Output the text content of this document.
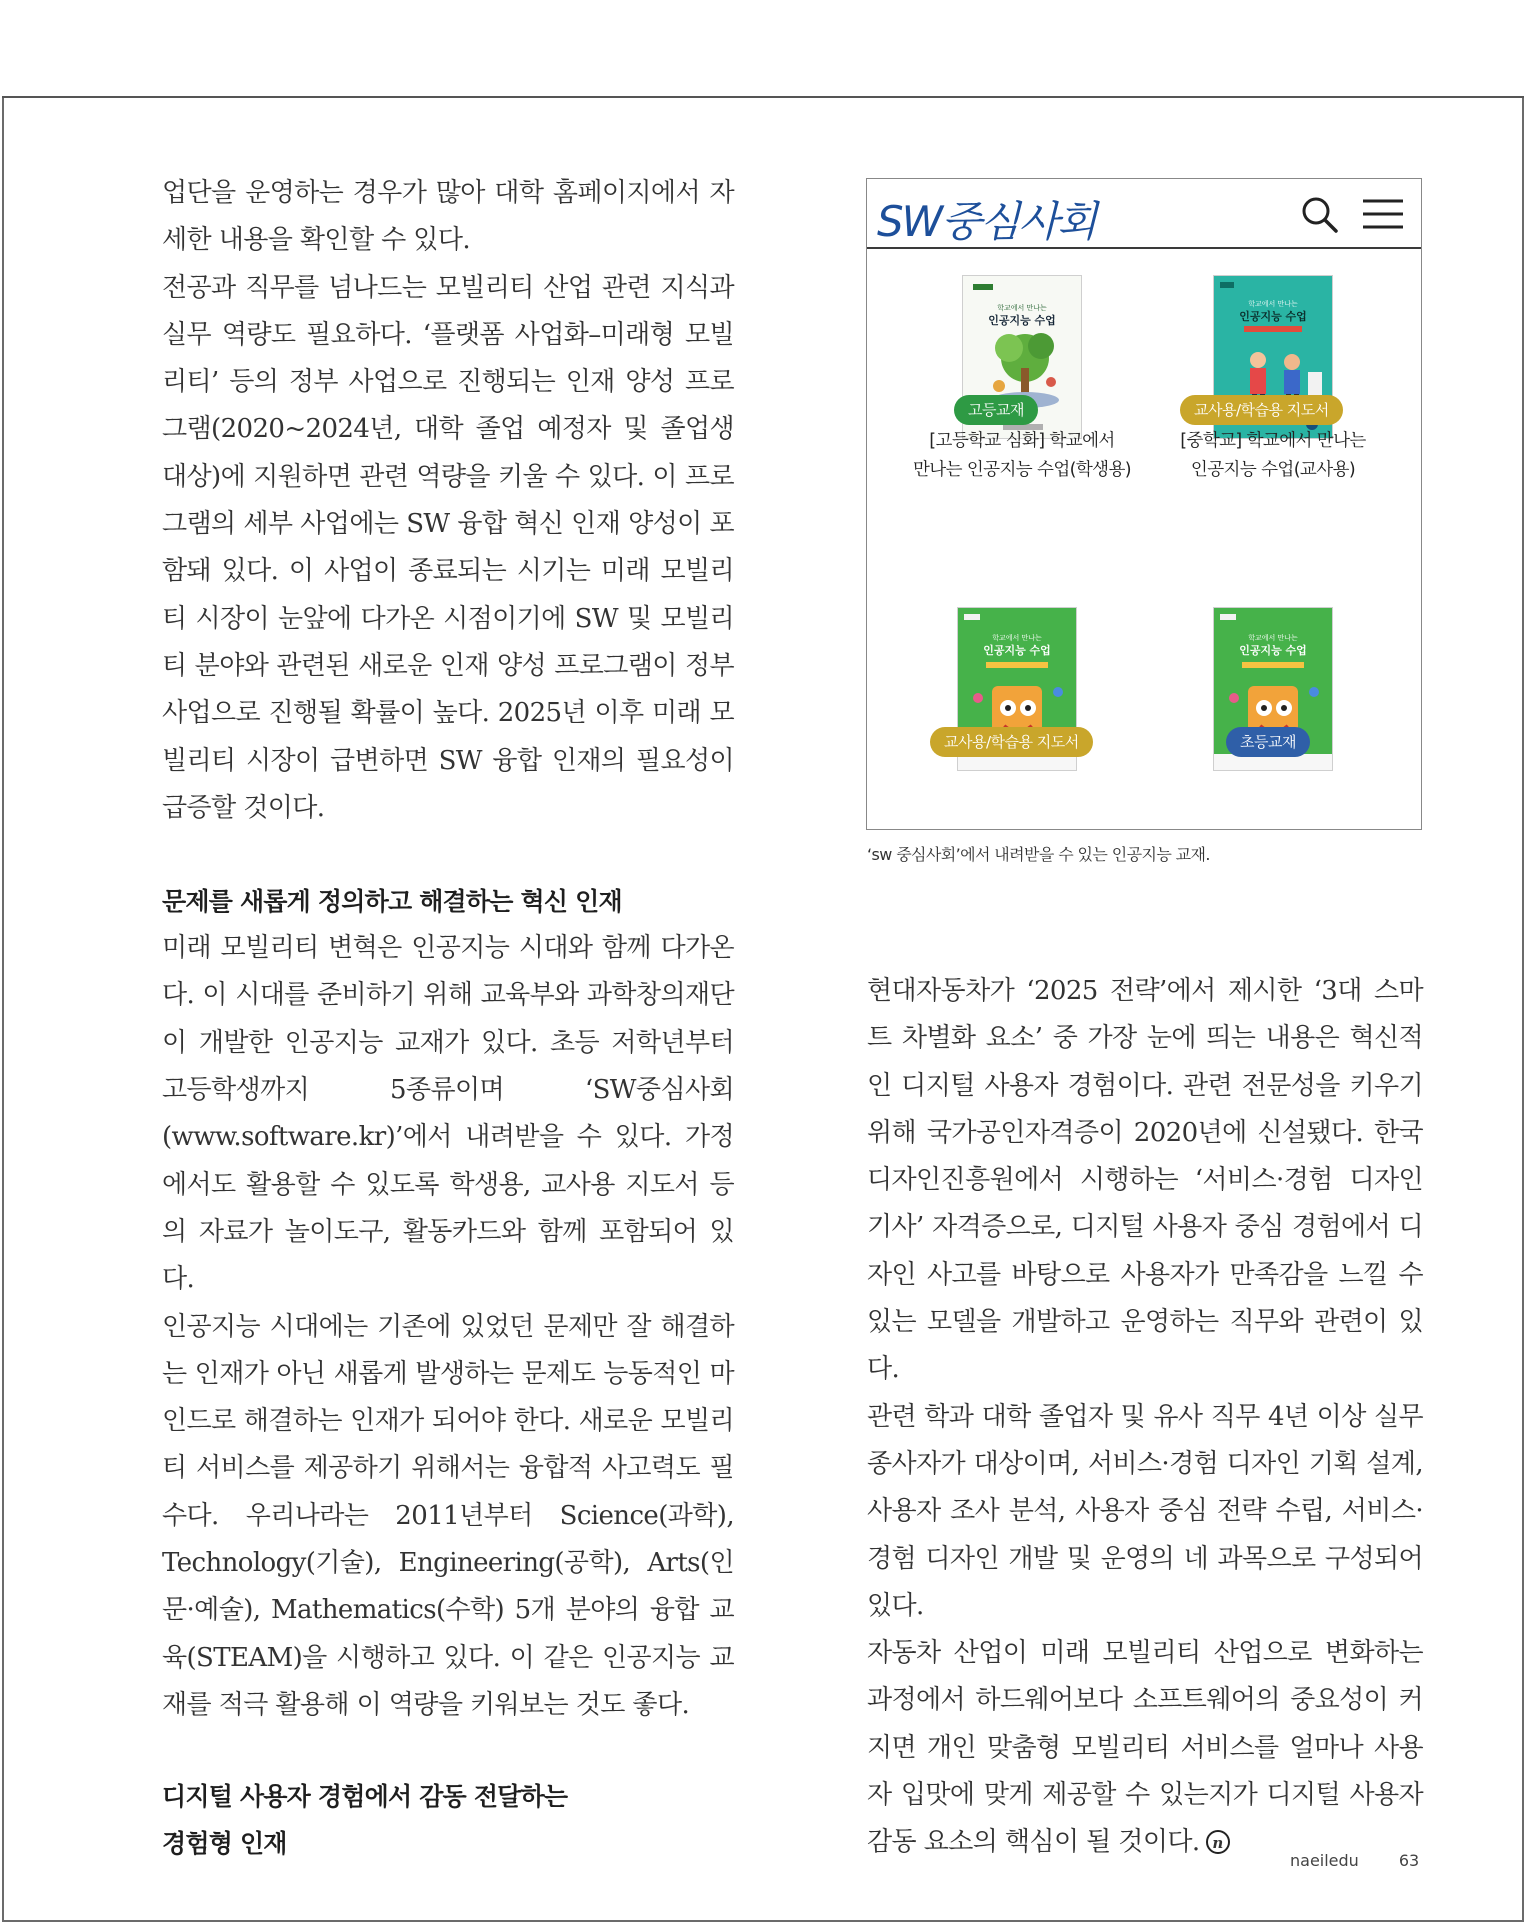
업단을 운영하는 경우가 많아 대학 홈페이지에서 자세한 내용을 확인할 수 있다.

전공과 직무를 넘나드는 모빌리티 산업 관련 지식과 실무 역량도 필요하다. ‘플랫폼 사업화–미래형 모빌리티’ 등의 정부 사업으로 진행되는 인재 양성 프로그램(2020~2024년, 대학 졸업 예정자 및 졸업생 대상)에 지원하면 관련 역량을 키울 수 있다. 이 프로그램의 세부 사업에는 SW 융합 혁신 인재 양성이 포함돼 있다. 이 사업이 종료되는 시기는 미래 모빌리티 시장이 눈앞에 다가온 시점이기에 SW 및 모빌리티 분야와 관련된 새로운 인재 양성 프로그램이 정부 사업으로 진행될 확률이 높다. 2025년 이후 미래 모빌리티 시장이 급변하면 SW 융합 인재의 필요성이 급증할 것이다.

문제를 새롭게 정의하고 해결하는 혁신 인재

미래 모빌리티 변혁은 인공지능 시대와 함께 다가온다. 이 시대를 준비하기 위해 교육부와 과학창의재단이 개발한 인공지능 교재가 있다. 초등 저학년부터 고등학생까지 5종류이며 ‘SW중심사회(www.software.kr)’에서 내려받을 수 있다. 가정에서도 활용할 수 있도록 학생용, 교사용 지도서 등의 자료가 놀이도구, 활동카드와 함께 포함되어 있다.

인공지능 시대에는 기존에 있었던 문제만 잘 해결하는 인재가 아닌 새롭게 발생하는 문제도 능동적인 마인드로 해결하는 인재가 되어야 한다. 새로운 모빌리티 서비스를 제공하기 위해서는 융합적 사고력도 필수다. 우리나라는 2011년부터 Science(과학), Technology(기술), Engineering(공학), Arts(인문·예술), Mathematics(수학) 5개 분야의 융합 교육(STEAM)을 시행하고 있다. 이 같은 인공지능 교재를 적극 활용해 이 역량을 키워보는 것도 좋다.

디지털 사용자 경험에서 감동 전달하는
경험형 인재
SW중심사회
학교에서 만나는
인공지능 수업
고등교재
[고등학교 심화] 학교에서
만나는 인공지능 수업(학생용)
학교에서 만나는
인공지능 수업
교사용/학습용 지도서
[중학교] 학교에서 만나는
인공지능 수업(교사용)
학교에서 만나는
인공지능 수업
교사용/학습용 지도서
학교에서 만나는
인공지능 수업
초등교재
‘sw 중심사회’에서 내려받을 수 있는 인공지능 교재.

현대자동차가 ‘2025 전략’에서 제시한 ‘3대 스마트 차별화 요소’ 중 가장 눈에 띄는 내용은 혁신적인 디지털 사용자 경험이다. 관련 전문성을 키우기 위해 국가공인자격증이 2020년에 신설됐다. 한국디자인진흥원에서 시행하는 ‘서비스·경험 디자인 기사’ 자격증으로, 디지털 사용자 중심 경험에서 디자인 사고를 바탕으로 사용자가 만족감을 느낄 수 있는 모델을 개발하고 운영하는 직무와 관련이 있다.

관련 학과 대학 졸업자 및 유사 직무 4년 이상 실무 종사자가 대상이며, 서비스·경험 디자인 기획 설계, 사용자 조사 분석, 사용자 중심 전략 수립, 서비스·경험 디자인 개발 및 운영의 네 과목으로 구성되어 있다.

자동차 산업이 미래 모빌리티 산업으로 변화하는 과정에서 하드웨어보다 소프트웨어의 중요성이 커지면 개인 맞춤형 모빌리티 서비스를 얼마나 사용자 입맛에 맞게 제공할 수 있는지가 디지털 사용자 감동 요소의 핵심이 될 것이다. n

naeiledu	63
